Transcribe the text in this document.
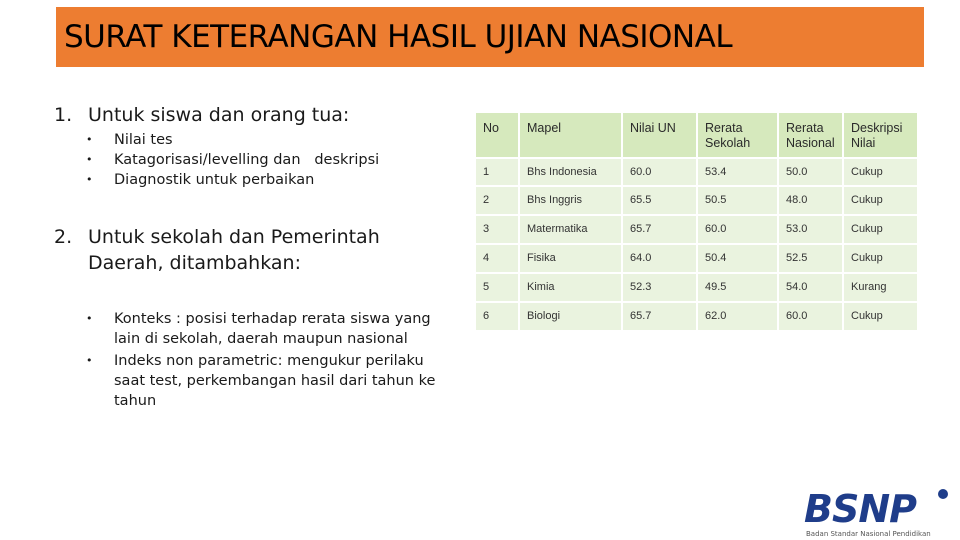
SURAT KETERANGAN HASIL UJIAN NASIONAL
1. Untuk siswa dan orang tua:
•	Nilai tes
•	Katagorisasi/levelling dan   deskripsi
•	Diagnostik untuk perbaikan
2. Untuk sekolah dan Pemerintah Daerah, ditambahkan:
•	Konteks : posisi terhadap rerata siswa yang lain di sekolah, daerah maupun nasional
•	Indeks non parametric: mengukur perilaku saat test, perkembangan hasil dari tahun ke tahun
No	Mapel	Nilai UN	Rerata Sekolah	Rerata Nasional	Deskripsi Nilai
1	Bhs Indonesia	60.0	53.4	50.0	Cukup
2	Bhs Inggris	65.5	50.5	48.0	Cukup
3	Matermatika	65.7	60.0	53.0	Cukup
4	Fisika	64.0	50.4	52.5	Cukup
5	Kimia	52.3	49.5	54.0	Kurang
6	Biologi	65.7	62.0	60.0	Cukup
BSNP
Badan Standar Nasional Pendidikan
